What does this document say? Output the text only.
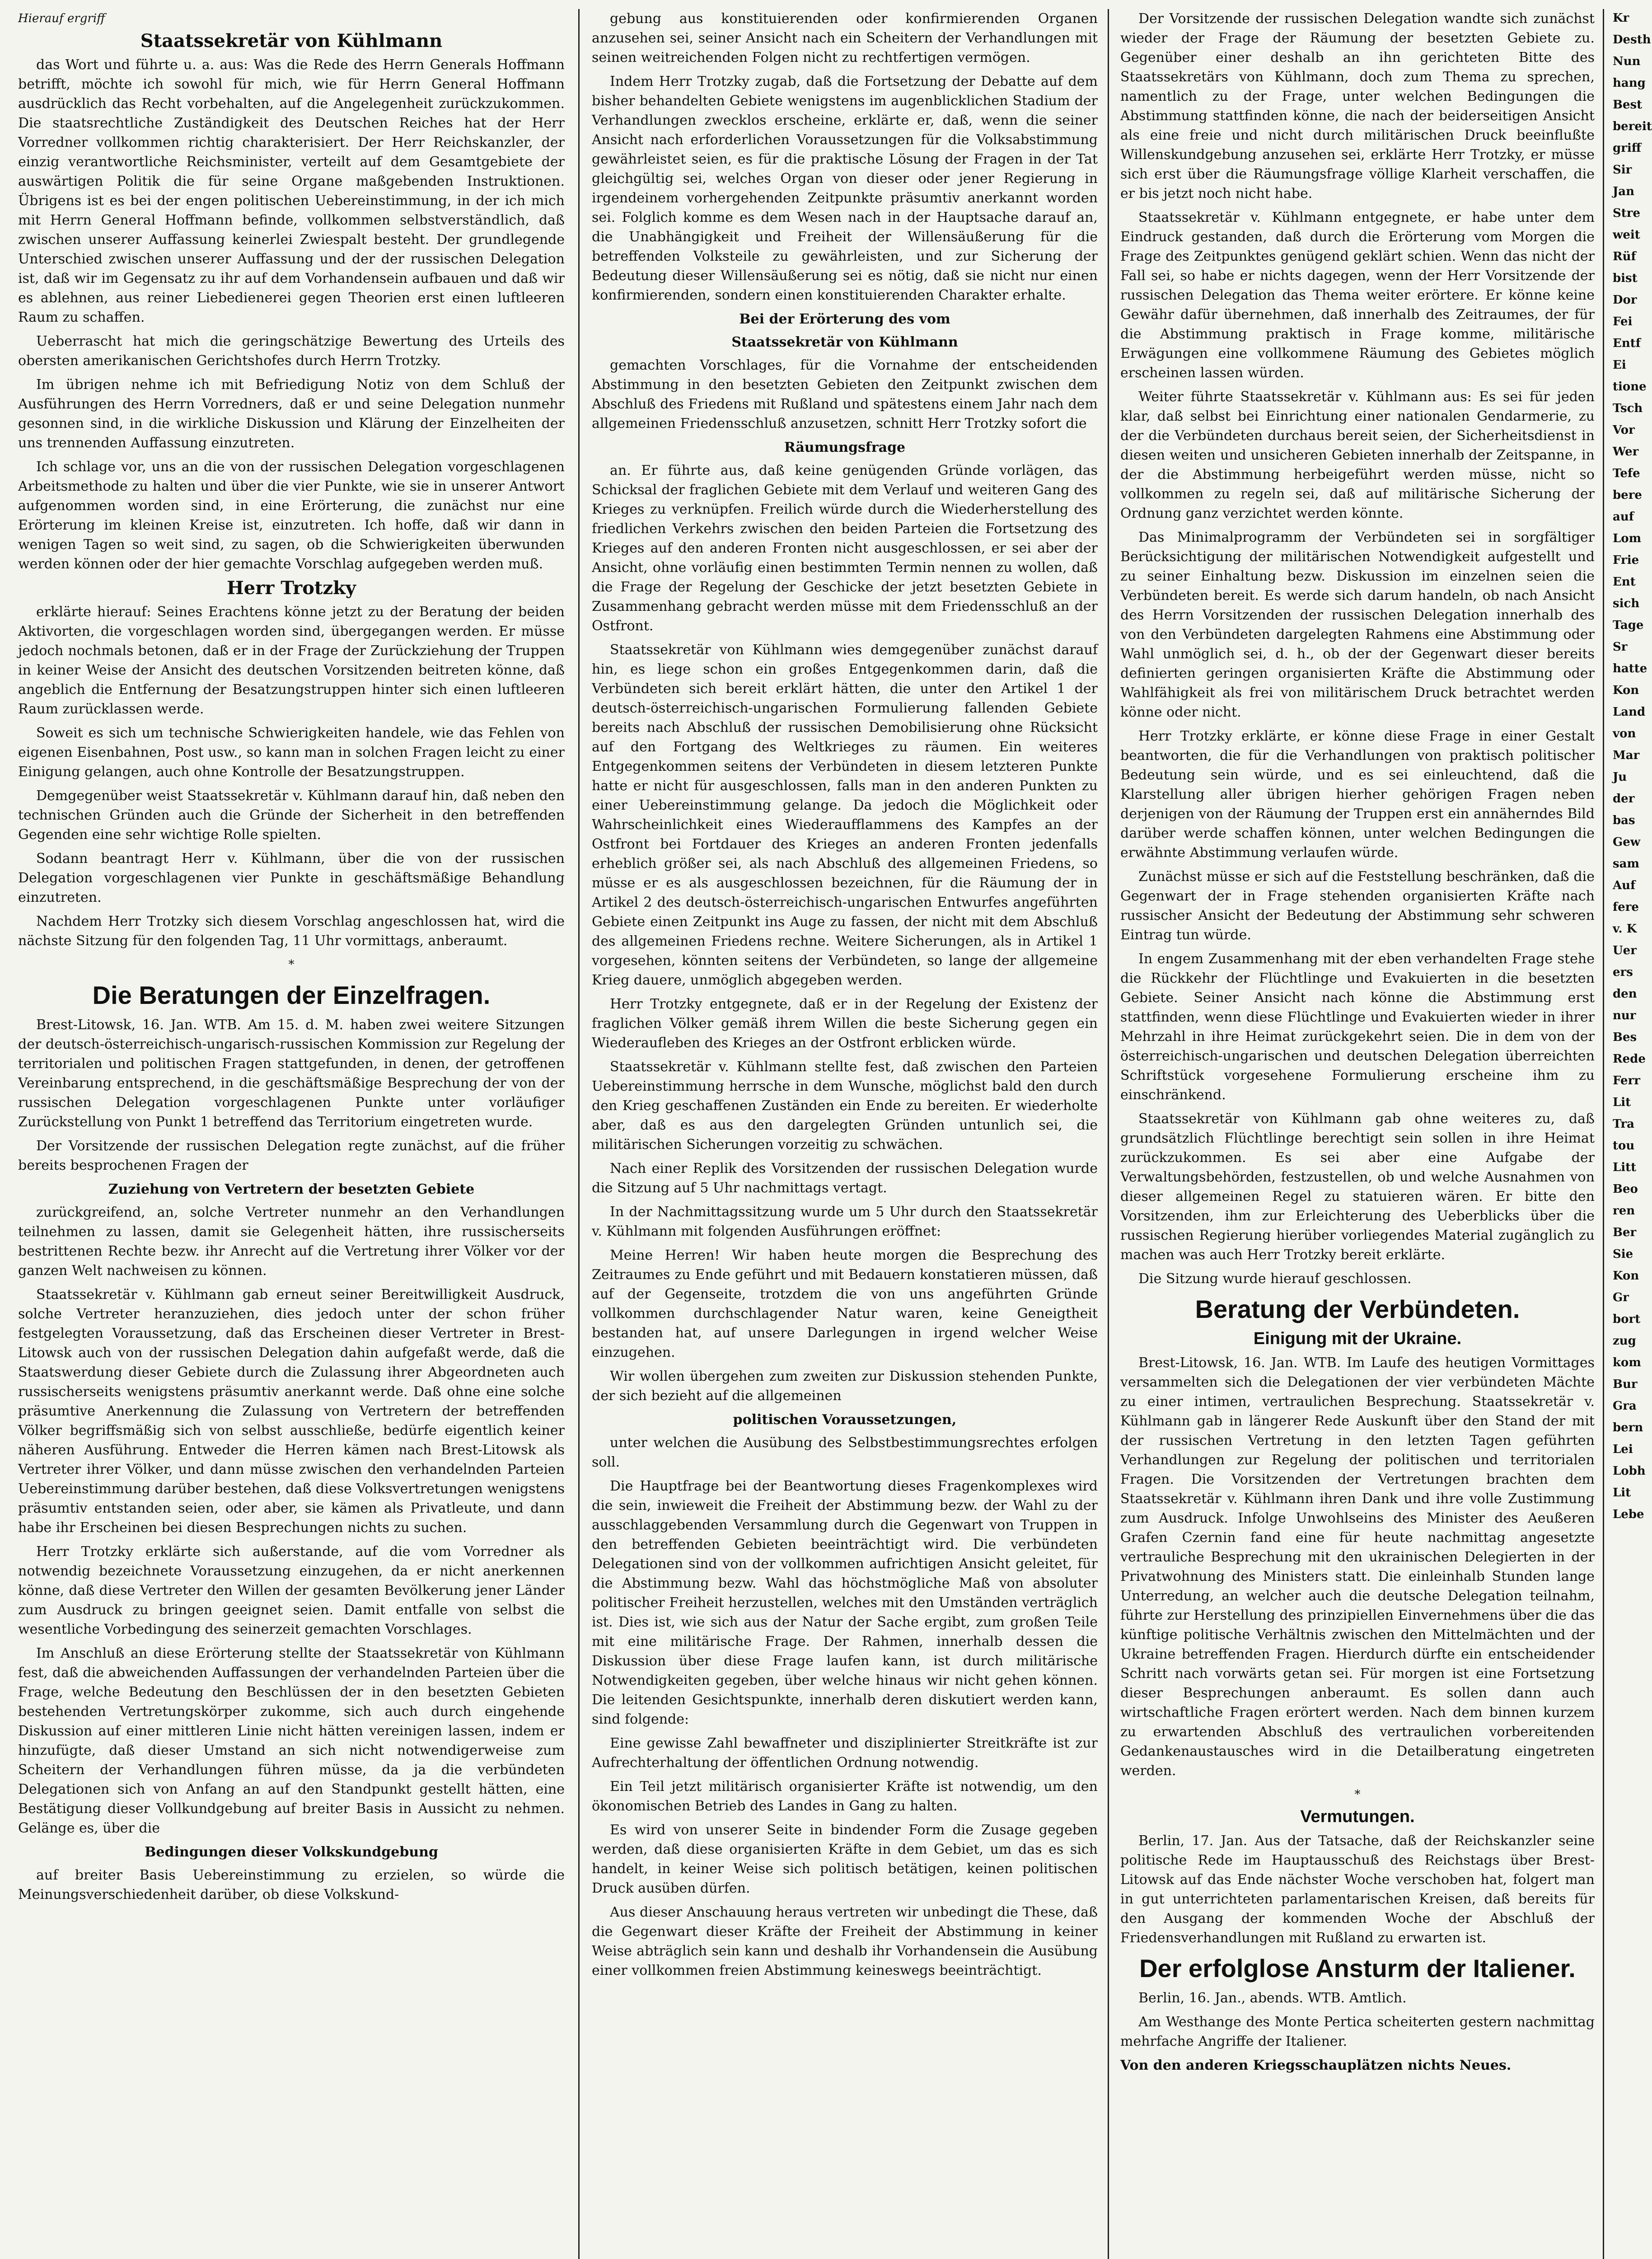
Hierauf ergriff

Staatssekretär von Kühlmann

das Wort und führte u. a. aus: Was die Rede des Herrn Generals Hoffmann betrifft, möchte ich sowohl für mich, wie für Herrn General Hoffmann ausdrücklich das Recht vorbehalten, auf die Angelegenheit zurückzukommen. Die staatsrechtliche Zuständigkeit des Deutschen Reiches hat der Herr Vorredner vollkommen richtig charakterisiert. Der Herr Reichskanzler, der einzig verantwortliche Reichsminister, verteilt auf dem Gesamtgebiete der auswärtigen Politik die für seine Organe maßgebenden Instruktionen. Übrigens ist es bei der engen politischen Uebereinstimmung, in der ich mich mit Herrn General Hoffmann befinde, vollkommen selbstverständlich, daß zwischen unserer Auffassung keinerlei Zwiespalt besteht. Der grundlegende Unterschied zwischen unserer Auffassung und der der russischen Delegation ist, daß wir im Gegensatz zu ihr auf dem Vorhandensein aufbauen und daß wir es ablehnen, aus reiner Liebedienerei gegen Theorien erst einen luftleeren Raum zu schaffen.

Ueberrascht hat mich die geringschätzige Bewertung des Urteils des obersten amerikanischen Gerichtshofes durch Herrn Trotzky.

Im übrigen nehme ich mit Befriedigung Notiz von dem Schluß der Ausführungen des Herrn Vorredners, daß er und seine Delegation nunmehr gesonnen sind, in die wirkliche Diskussion und Klärung der Einzelheiten der uns trennenden Auffassung einzutreten.

Ich schlage vor, uns an die von der russischen Delegation vorgeschlagenen Arbeitsmethode zu halten und über die vier Punkte, wie sie in unserer Antwort aufgenommen worden sind, in eine Erörterung, die zunächst nur eine Erörterung im kleinen Kreise ist, einzutreten. Ich hoffe, daß wir dann in wenigen Tagen so weit sind, zu sagen, ob die Schwierigkeiten überwunden werden können oder der hier gemachte Vorschlag aufgegeben werden muß.

Herr Trotzky

erklärte hierauf: Seines Erachtens könne jetzt zu der Beratung der beiden Aktivorten, die vorgeschlagen worden sind, übergegangen werden. Er müsse jedoch nochmals betonen, daß er in der Frage der Zurückziehung der Truppen in keiner Weise der Ansicht des deutschen Vorsitzenden beitreten könne, daß angeblich die Entfernung der Besatzungstruppen hinter sich einen luftleeren Raum zurücklassen werde.

Soweit es sich um technische Schwierigkeiten handele, wie das Fehlen von eigenen Eisenbahnen, Post usw., so kann man in solchen Fragen leicht zu einer Einigung gelangen, auch ohne Kontrolle der Besatzungstruppen.

Demgegenüber weist Staatssekretär v. Kühlmann darauf hin, daß neben den technischen Gründen auch die Gründe der Sicherheit in den betreffenden Gegenden eine sehr wichtige Rolle spielten.

Sodann beantragt Herr v. Kühlmann, über die von der russischen Delegation vorgeschlagenen vier Punkte in geschäftsmäßige Behandlung einzutreten.

Nachdem Herr Trotzky sich diesem Vorschlag angeschlossen hat, wird die nächste Sitzung für den folgenden Tag, 11 Uhr vormittags, anberaumt.

*
Die Beratungen der Einzelfragen.

Brest-Litowsk, 16. Jan. WTB. Am 15. d. M. haben zwei weitere Sitzungen der deutsch-österreichisch-ungarisch-russischen Kommission zur Regelung der territorialen und politischen Fragen stattgefunden, in denen, der getroffenen Vereinbarung entsprechend, in die geschäftsmäßige Besprechung der von der russischen Delegation vorgeschlagenen Punkte unter vorläufiger Zurückstellung von Punkt 1 betreffend das Territorium eingetreten wurde.

Der Vorsitzende der russischen Delegation regte zunächst, auf die früher bereits besprochenen Fragen der

Zuziehung von Vertretern der besetzten Gebiete

zurückgreifend, an, solche Vertreter nunmehr an den Verhandlungen teilnehmen zu lassen, damit sie Gelegenheit hätten, ihre russischerseits bestrittenen Rechte bezw. ihr Anrecht auf die Vertretung ihrer Völker vor der ganzen Welt nachweisen zu können.

Staatssekretär v. Kühlmann gab erneut seiner Bereitwilligkeit Ausdruck, solche Vertreter heranzuziehen, dies jedoch unter der schon früher festgelegten Voraussetzung, daß das Erscheinen dieser Vertreter in Brest-Litowsk auch von der russischen Delegation dahin aufgefaßt werde, daß die Staatswerdung dieser Gebiete durch die Zulassung ihrer Abgeordneten auch russischerseits wenigstens präsumtiv anerkannt werde. Daß ohne eine solche präsumtive Anerkennung die Zulassung von Vertretern der betreffenden Völker begriffsmäßig sich von selbst ausschließe, bedürfe eigentlich keiner näheren Ausführung. Entweder die Herren kämen nach Brest-Litowsk als Vertreter ihrer Völker, und dann müsse zwischen den verhandelnden Parteien Uebereinstimmung darüber bestehen, daß diese Volksvertretungen wenigstens präsumtiv entstanden seien, oder aber, sie kämen als Privatleute, und dann habe ihr Erscheinen bei diesen Besprechungen nichts zu suchen.

Herr Trotzky erklärte sich außerstande, auf die vom Vorredner als notwendig bezeichnete Voraussetzung einzugehen, da er nicht anerkennen könne, daß diese Vertreter den Willen der gesamten Bevölkerung jener Länder zum Ausdruck zu bringen geeignet seien. Damit entfalle von selbst die wesentliche Vorbedingung des seinerzeit gemachten Vorschlages.

Im Anschluß an diese Erörterung stellte der Staatssekretär von Kühlmann fest, daß die abweichenden Auffassungen der verhandelnden Parteien über die Frage, welche Bedeutung den Beschlüssen der in den besetzten Gebieten bestehenden Vertretungskörper zukomme, sich auch durch eingehende Diskussion auf einer mittleren Linie nicht hätten vereinigen lassen, indem er hinzufügte, daß dieser Umstand an sich nicht notwendigerweise zum Scheitern der Verhandlungen führen müsse, da ja die verbündeten Delegationen sich von Anfang an auf den Standpunkt gestellt hätten, eine Bestätigung dieser Vollkundgebung auf breiter Basis in Aussicht zu nehmen. Gelänge es, über die

Bedingungen dieser Volkskundgebung

auf breiter Basis Uebereinstimmung zu erzielen, so würde die Meinungsverschiedenheit darüber, ob diese Volkskund-

gebung aus konstituierenden oder konfirmierenden Organen anzusehen sei, seiner Ansicht nach ein Scheitern der Verhandlungen mit seinen weitreichenden Folgen nicht zu rechtfertigen vermögen.

Indem Herr Trotzky zugab, daß die Fortsetzung der Debatte auf dem bisher behandelten Gebiete wenigstens im augenblicklichen Stadium der Verhandlungen zwecklos erscheine, erklärte er, daß, wenn die seiner Ansicht nach erforderlichen Voraussetzungen für die Volksabstimmung gewährleistet seien, es für die praktische Lösung der Fragen in der Tat gleichgültig sei, welches Organ von dieser oder jener Regierung in irgendeinem vorhergehenden Zeitpunkte präsumtiv anerkannt worden sei. Folglich komme es dem Wesen nach in der Hauptsache darauf an, die Unabhängigkeit und Freiheit der Willensäußerung für die betreffenden Volksteile zu gewährleisten, und zur Sicherung der Bedeutung dieser Willensäußerung sei es nötig, daß sie nicht nur einen konfirmierenden, sondern einen konstituierenden Charakter erhalte.

Bei der Erörterung des vom

Staatssekretär von Kühlmann

gemachten Vorschlages, für die Vornahme der entscheidenden Abstimmung in den besetzten Gebieten den Zeitpunkt zwischen dem Abschluß des Friedens mit Rußland und spätestens einem Jahr nach dem allgemeinen Friedensschluß anzusetzen, schnitt Herr Trotzky sofort die

Räumungsfrage

an. Er führte aus, daß keine genügenden Gründe vorlägen, das Schicksal der fraglichen Gebiete mit dem Verlauf und weiteren Gang des Krieges zu verknüpfen. Freilich würde durch die Wiederherstellung des friedlichen Verkehrs zwischen den beiden Parteien die Fortsetzung des Krieges auf den anderen Fronten nicht ausgeschlossen, er sei aber der Ansicht, ohne vorläufig einen bestimmten Termin nennen zu wollen, daß die Frage der Regelung der Geschicke der jetzt besetzten Gebiete in Zusammenhang gebracht werden müsse mit dem Friedensschluß an der Ostfront.

Staatssekretär von Kühlmann wies demgegenüber zunächst darauf hin, es liege schon ein großes Entgegenkommen darin, daß die Verbündeten sich bereit erklärt hätten, die unter den Artikel 1 der deutsch-österreichisch-ungarischen Formulierung fallenden Gebiete bereits nach Abschluß der russischen Demobilisierung ohne Rücksicht auf den Fortgang des Weltkrieges zu räumen. Ein weiteres Entgegenkommen seitens der Verbündeten in diesem letzteren Punkte hatte er nicht für ausgeschlossen, falls man in den anderen Punkten zu einer Uebereinstimmung gelange. Da jedoch die Möglichkeit oder Wahrscheinlichkeit eines Wiederaufflammens des Kampfes an der Ostfront bei Fortdauer des Krieges an anderen Fronten jedenfalls erheblich größer sei, als nach Abschluß des allgemeinen Friedens, so müsse er es als ausgeschlossen bezeichnen, für die Räumung der in Artikel 2 des deutsch-österreichisch-ungarischen Entwurfes angeführten Gebiete einen Zeitpunkt ins Auge zu fassen, der nicht mit dem Abschluß des allgemeinen Friedens rechne. Weitere Sicherungen, als in Artikel 1 vorgesehen, könnten seitens der Verbündeten, so lange der allgemeine Krieg dauere, unmöglich abgegeben werden.

Herr Trotzky entgegnete, daß er in der Regelung der Existenz der fraglichen Völker gemäß ihrem Willen die beste Sicherung gegen ein Wiederaufleben des Krieges an der Ostfront erblicken würde.

Staatssekretär v. Kühlmann stellte fest, daß zwischen den Parteien Uebereinstimmung herrsche in dem Wunsche, möglichst bald den durch den Krieg geschaffenen Zuständen ein Ende zu bereiten. Er wiederholte aber, daß es aus den dargelegten Gründen untunlich sei, die militärischen Sicherungen vorzeitig zu schwächen.

Nach einer Replik des Vorsitzenden der russischen Delegation wurde die Sitzung auf 5 Uhr nachmittags vertagt.

In der Nachmittagssitzung wurde um 5 Uhr durch den Staatssekretär v. Kühlmann mit folgenden Ausführungen eröffnet:

Meine Herren! Wir haben heute morgen die Besprechung des Zeitraumes zu Ende geführt und mit Bedauern konstatieren müssen, daß auf der Gegenseite, trotzdem die von uns angeführten Gründe vollkommen durchschlagender Natur waren, keine Geneigtheit bestanden hat, auf unsere Darlegungen in irgend welcher Weise einzugehen.

Wir wollen übergehen zum zweiten zur Diskussion stehenden Punkte, der sich bezieht auf die allgemeinen

politischen Voraussetzungen,

unter welchen die Ausübung des Selbstbestimmungsrechtes erfolgen soll.

Die Hauptfrage bei der Beantwortung dieses Fragenkomplexes wird die sein, inwieweit die Freiheit der Abstimmung bezw. der Wahl zu der ausschlaggebenden Versammlung durch die Gegenwart von Truppen in den betreffenden Gebieten beeinträchtigt wird. Die verbündeten Delegationen sind von der vollkommen aufrichtigen Ansicht geleitet, für die Abstimmung bezw. Wahl das höchstmögliche Maß von absoluter politischer Freiheit herzustellen, welches mit den Umständen verträglich ist. Dies ist, wie sich aus der Natur der Sache ergibt, zum großen Teile mit eine militärische Frage. Der Rahmen, innerhalb dessen die Diskussion über diese Frage laufen kann, ist durch militärische Notwendigkeiten gegeben, über welche hinaus wir nicht gehen können. Die leitenden Gesichtspunkte, innerhalb deren diskutiert werden kann, sind folgende:

Eine gewisse Zahl bewaffneter und disziplinierter Streitkräfte ist zur Aufrechterhaltung der öffentlichen Ordnung notwendig.

Ein Teil jetzt militärisch organisierter Kräfte ist notwendig, um den ökonomischen Betrieb des Landes in Gang zu halten.

Es wird von unserer Seite in bindender Form die Zusage gegeben werden, daß diese organisierten Kräfte in dem Gebiet, um das es sich handelt, in keiner Weise sich politisch betätigen, keinen politischen Druck ausüben dürfen.

Aus dieser Anschauung heraus vertreten wir unbedingt die These, daß die Gegenwart dieser Kräfte der Freiheit der Abstimmung in keiner Weise abträglich sein kann und deshalb ihr Vorhandensein die Ausübung einer vollkommen freien Abstimmung keineswegs beeinträchtigt.

Der Vorsitzende der russischen Delegation wandte sich zunächst wieder der Frage der Räumung der besetzten Gebiete zu. Gegenüber einer deshalb an ihn gerichteten Bitte des Staatssekretärs von Kühlmann, doch zum Thema zu sprechen, namentlich zu der Frage, unter welchen Bedingungen die Abstimmung stattfinden könne, die nach der beiderseitigen Ansicht als eine freie und nicht durch militärischen Druck beeinflußte Willenskundgebung anzusehen sei, erklärte Herr Trotzky, er müsse sich erst über die Räumungsfrage völlige Klarheit verschaffen, die er bis jetzt noch nicht habe.

Staatssekretär v. Kühlmann entgegnete, er habe unter dem Eindruck gestanden, daß durch die Erörterung vom Morgen die Frage des Zeitpunktes genügend geklärt schien. Wenn das nicht der Fall sei, so habe er nichts dagegen, wenn der Herr Vorsitzende der russischen Delegation das Thema weiter erörtere. Er könne keine Gewähr dafür übernehmen, daß innerhalb des Zeitraumes, der für die Abstimmung praktisch in Frage komme, militärische Erwägungen eine vollkommene Räumung des Gebietes möglich erscheinen lassen würden.

Weiter führte Staatssekretär v. Kühlmann aus: Es sei für jeden klar, daß selbst bei Einrichtung einer nationalen Gendarmerie, zu der die Verbündeten durchaus bereit seien, der Sicherheitsdienst in diesen weiten und unsicheren Gebieten innerhalb der Zeitspanne, in der die Abstimmung herbeigeführt werden müsse, nicht so vollkommen zu regeln sei, daß auf militärische Sicherung der Ordnung ganz verzichtet werden könnte.

Das Minimalprogramm der Verbündeten sei in sorgfältiger Berücksichtigung der militärischen Notwendigkeit aufgestellt und zu seiner Einhaltung bezw. Diskussion im einzelnen seien die Verbündeten bereit. Es werde sich darum handeln, ob nach Ansicht des Herrn Vorsitzenden der russischen Delegation innerhalb des von den Verbündeten dargelegten Rahmens eine Abstimmung oder Wahl unmöglich sei, d. h., ob der der Gegenwart dieser bereits definierten geringen organisierten Kräfte die Abstimmung oder Wahlfähigkeit als frei von militärischem Druck betrachtet werden könne oder nicht.

Herr Trotzky erklärte, er könne diese Frage in einer Gestalt beantworten, die für die Verhandlungen von praktisch politischer Bedeutung sein würde, und es sei einleuchtend, daß die Klarstellung aller übrigen hierher gehörigen Fragen neben derjenigen von der Räumung der Truppen erst ein annäherndes Bild darüber werde schaffen können, unter welchen Bedingungen die erwähnte Abstimmung verlaufen würde.

Zunächst müsse er sich auf die Feststellung beschränken, daß die Gegenwart der in Frage stehenden organisierten Kräfte nach russischer Ansicht der Bedeutung der Abstimmung sehr schweren Eintrag tun würde.

In engem Zusammenhang mit der eben verhandelten Frage stehe die Rückkehr der Flüchtlinge und Evakuierten in die besetzten Gebiete. Seiner Ansicht nach könne die Abstimmung erst stattfinden, wenn diese Flüchtlinge und Evakuierten wieder in ihrer Mehrzahl in ihre Heimat zurückgekehrt seien. Die in dem von der österreichisch-ungarischen und deutschen Delegation überreichten Schriftstück vorgesehene Formulierung erscheine ihm zu einschränkend.

Staatssekretär von Kühlmann gab ohne weiteres zu, daß grundsätzlich Flüchtlinge berechtigt sein sollen in ihre Heimat zurückzukommen. Es sei aber eine Aufgabe der Verwaltungsbehörden, festzustellen, ob und welche Ausnahmen von dieser allgemeinen Regel zu statuieren wären. Er bitte den Vorsitzenden, ihm zur Erleichterung des Ueberblicks über die russischen Regierung hierüber vorliegendes Material zugänglich zu machen was auch Herr Trotzky bereit erklärte.

Die Sitzung wurde hierauf geschlossen.

Beratung der Verbündeten.
Einigung mit der Ukraine.

Brest-Litowsk, 16. Jan. WTB. Im Laufe des heutigen Vormittages versammelten sich die Delegationen der vier verbündeten Mächte zu einer intimen, vertraulichen Besprechung. Staatssekretär v. Kühlmann gab in längerer Rede Auskunft über den Stand der mit der russischen Vertretung in den letzten Tagen geführten Verhandlungen zur Regelung der politischen und territorialen Fragen. Die Vorsitzenden der Vertretungen brachten dem Staatssekretär v. Kühlmann ihren Dank und ihre volle Zustimmung zum Ausdruck. Infolge Unwohlseins des Minister des Aeußeren Grafen Czernin fand eine für heute nachmittag angesetzte vertrauliche Besprechung mit den ukrainischen Delegierten in der Privatwohnung des Ministers statt. Die einleinhalb Stunden lange Unterredung, an welcher auch die deutsche Delegation teilnahm, führte zur Herstellung des prinzipiellen Einvernehmens über die das künftige politische Verhältnis zwischen den Mittelmächten und der Ukraine betreffenden Fragen. Hierdurch dürfte ein entscheidender Schritt nach vorwärts getan sei. Für morgen ist eine Fortsetzung dieser Besprechungen anberaumt. Es sollen dann auch wirtschaftliche Fragen erörtert werden. Nach dem binnen kurzem zu erwartenden Abschluß des vertraulichen vorbereitenden Gedankenaustausches wird in die Detailberatung eingetreten werden.

*
Vermutungen.

Berlin, 17. Jan. Aus der Tatsache, daß der Reichskanzler seine politische Rede im Hauptausschuß des Reichstags über Brest-Litowsk auf das Ende nächster Woche verschoben hat, folgert man in gut unterrichteten parlamentarischen Kreisen, daß bereits für den Ausgang der kommenden Woche der Abschluß der Friedensverhandlungen mit Rußland zu erwarten ist.

Der erfolglose Ansturm der Italiener.

Berlin, 16. Jan., abends. WTB. Amtlich.

Am Westhange des Monte Pertica scheiterten gestern nachmittag mehrfache Angriffe der Italiener.

Von den anderen Kriegsschauplätzen nichts Neues.

Kr
Desth
Nun
hang
Best
bereit
griff
Sir
Jan
Stre
weit
Rüf
bist
Dor
Fei
Entf
Ei
tione
Tsch
Vor
Wer
Tefe
bere
auf
Lom
Frie
Ent
sich
Tage
Sr
hatte
Kon
Land
von
Mar
Ju
der
bas
Gew
sam
Auf
fere
v. K
Uer
ers
den
nur
Bes
Rede
Ferr
Lit
Tra
tou
Litt
Beo
ren
Ber
Sie
Kon
Gr
bort
zug
kom
Bur
Gra
bern
Lei
Lobh
Lit
Lebe
